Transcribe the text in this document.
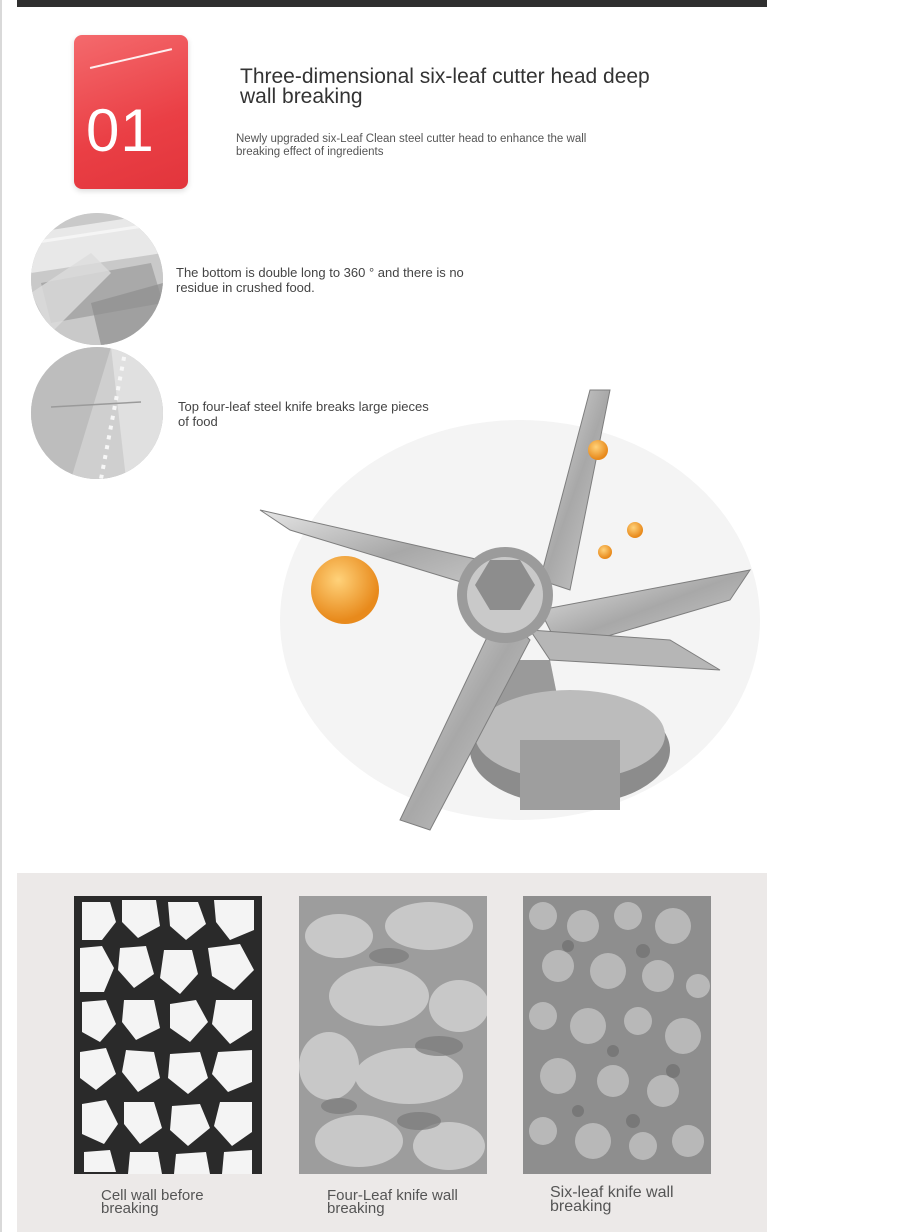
01
Three-dimensional six-leaf cutter head deep wall breaking
Newly upgraded six-Leaf Clean steel cutter head to enhance the wall breaking effect of ingredients
The bottom is double long to 360 ° and there is no residue in crushed food.
Top four-leaf steel knife breaks large pieces of food
Cell wall before breaking
Four-Leaf knife wall breaking
Six-leaf knife wall breaking
